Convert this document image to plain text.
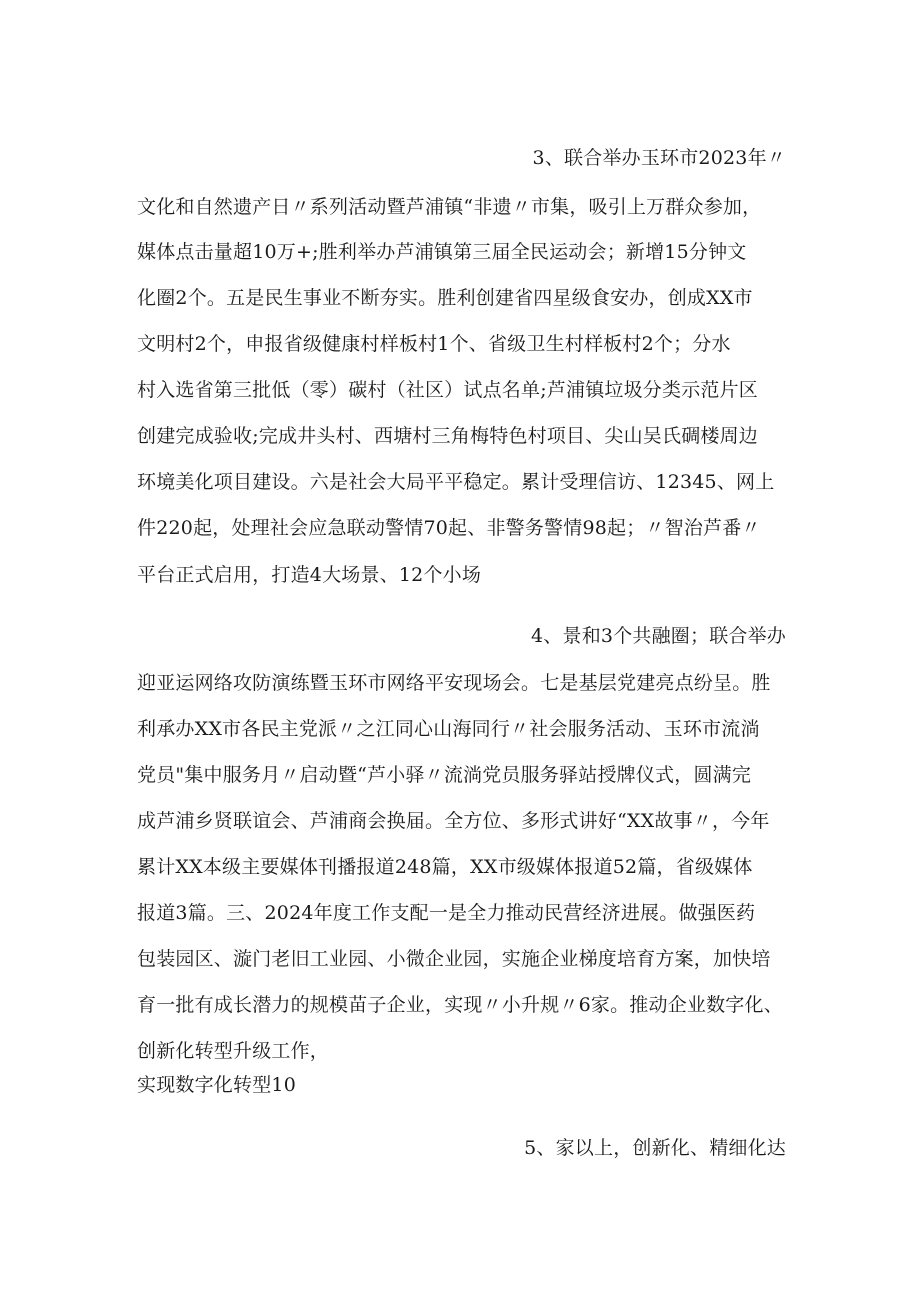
3、联合举办玉环市2023年〃
文化和自然遗产日〃系列活动暨芦浦镇“非遗〃市集，吸引上万群众参加，
媒体点击量超10万+;胜利举办芦浦镇第三届全民运动会；新增15分钟文
化圈2个。五是民生事业不断夯实。胜利创建省四星级食安办，创成XX市
文明村2个，申报省级健康村样板村1个、省级卫生村样板村2个；分水
村入选省第三批低（零）碳村（社区）试点名单;芦浦镇垃圾分类示范片区
创建完成验收;完成井头村、西塘村三角梅特色村项目、尖山吴氏碉楼周边
环境美化项目建设。六是社会大局平平稳定。累计受理信访、12345、网上
件220起，处理社会应急联动警情70起、非警务警情98起；〃智治芦番〃
平台正式启用，打造4大场景、12个小场
4、景和3个共融圈；联合举办
迎亚运网络攻防演练暨玉环市网络平安现场会。七是基层党建亮点纷呈。胜
利承办XX市各民主党派〃之江同心山海同行〃社会服务活动、玉环市流淌
党员"集中服务月〃启动暨“芦小驿〃流淌党员服务驿站授牌仪式，圆满完
成芦浦乡贤联谊会、芦浦商会换届。全方位、多形式讲好“XX故事〃，今年
累计XX本级主要媒体刊播报道248篇，XX市级媒体报道52篇，省级媒体
报道3篇。三、2024年度工作支配一是全力推动民营经济进展。做强医药
包装园区、漩门老旧工业园、小微企业园，实施企业梯度培育方案，加快培
育一批有成长潜力的规模苗子企业，实现〃小升规〃6家。推动企业数字化、
创新化转型升级工作，
实现数字化转型10
5、家以上，创新化、精细化达
